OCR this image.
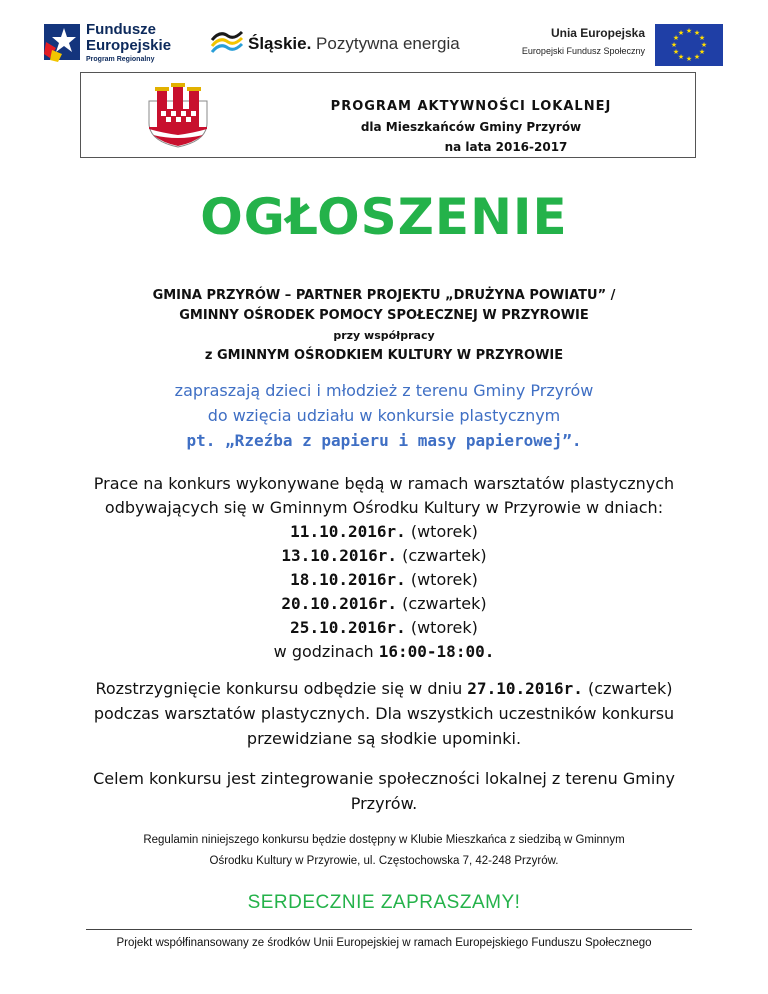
Fundusze
Europejskie
Program Regionalny
Śląskie. Pozytywna energia
Unia Europejska
Europejski Fundusz Społeczny
★ ★
★
★
★
★
★
★
★
★
★
★
PROGRAM AKTYWNOŚCI LOKALNEJ
dla Mieszkańców Gminy Przyrów
na lata 2016-2017
OGŁOSZENIE
GMINA PRZYRÓW – PARTNER PROJEKTU „DRUŻYNA POWIATU” /
GMINNY OŚRODEK POMOCY SPOŁECZNEJ W PRZYROWIE
przy współpracy
z GMINNYM OŚRODKIEM KULTURY W PRZYROWIE
zapraszają dzieci i młodzież z terenu Gminy Przyrów
do wzięcia udziału w konkursie plastycznym
pt. „Rzeźba z papieru i masy papierowej”.
Prace na konkurs wykonywane będą w ramach warsztatów plastycznych
odbywających się w Gminnym Ośrodku Kultury w Przyrowie w dniach:
11.10.2016r. (wtorek)
13.10.2016r. (czwartek)
18.10.2016r. (wtorek)
20.10.2016r. (czwartek)
25.10.2016r. (wtorek)
w godzinach 16:00-18:00.
Rozstrzygnięcie konkursu odbędzie się w dniu 27.10.2016r. (czwartek)
podczas warsztatów plastycznych. Dla wszystkich uczestników konkursu
przewidziane są słodkie upominki.
Celem konkursu jest zintegrowanie społeczności lokalnej z terenu Gminy
Przyrów.
Regulamin niniejszego konkursu będzie dostępny w Klubie Mieszkańca z siedzibą w Gminnym
Ośrodku Kultury w Przyrowie, ul. Częstochowska 7, 42-248 Przyrów.
SERDECZNIE ZAPRASZAMY!
Projekt współfinansowany ze środków Unii Europejskiej w ramach Europejskiego Funduszu Społecznego
